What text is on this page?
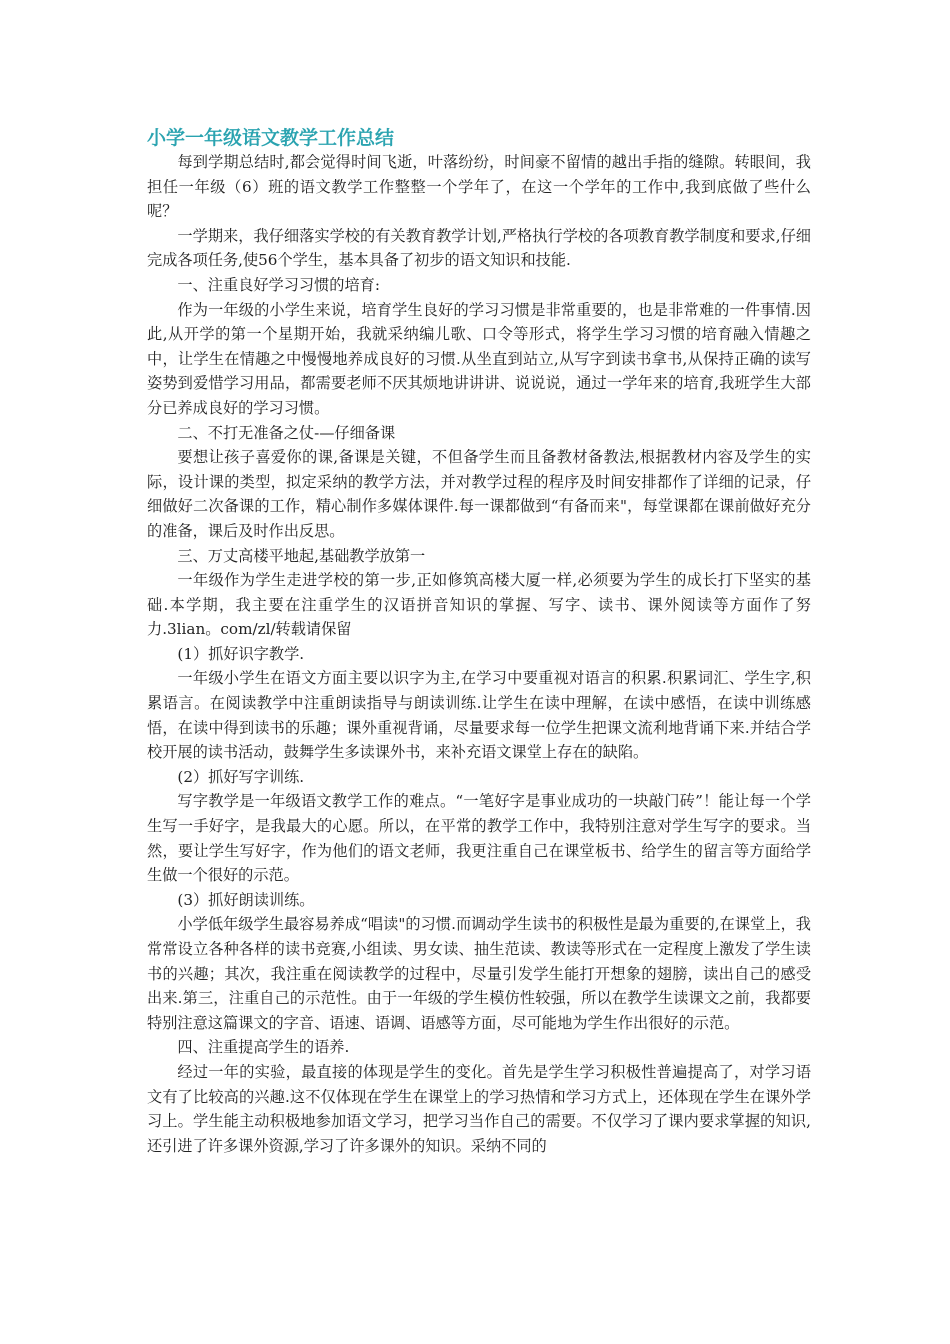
小学一年级语文教学工作总结

每到学期总结时,都会觉得时间飞逝，叶落纷纷，时间豪不留情的越出手指的缝隙。转眼间，我担任一年级（6）班的语文教学工作整整一个学年了，在这一个学年的工作中,我到底做了些什么呢？

一学期来，我仔细落实学校的有关教育教学计划,严格执行学校的各项教育教学制度和要求,仔细完成各项任务,使56个学生，基本具备了初步的语文知识和技能.

一、注重良好学习习惯的培育:

作为一年级的小学生来说，培育学生良好的学习习惯是非常重要的，也是非常难的一件事情.因此,从开学的第一个星期开始，我就采纳编儿歌、口令等形式，将学生学习习惯的培育融入情趣之中，让学生在情趣之中慢慢地养成良好的习惯.从坐直到站立,从写字到读书拿书,从保持正确的读写姿势到爱惜学习用品，都需要老师不厌其烦地讲讲讲、说说说，通过一学年来的培育,我班学生大部分已养成良好的学习习惯。

二、不打无准备之仗-—仔细备课

要想让孩子喜爱你的课,备课是关键，不但备学生而且备教材备教法,根据教材内容及学生的实际，设计课的类型，拟定采纳的教学方法，并对教学过程的程序及时间安排都作了详细的记录，仔细做好二次备课的工作，精心制作多媒体课件.每一课都做到“有备而来"，每堂课都在课前做好充分的准备，课后及时作出反思。

三、万丈高楼平地起,基础教学放第一

一年级作为学生走进学校的第一步,正如修筑高楼大厦一样,必须要为学生的成长打下坚实的基础.本学期，我主要在注重学生的汉语拼音知识的掌握、写字、读书、课外阅读等方面作了努力.3lian。com/zl/转载请保留

(1）抓好识字教学.

一年级小学生在语文方面主要以识字为主,在学习中要重视对语言的积累.积累词汇、学生字,积累语言。在阅读教学中注重朗读指导与朗读训练.让学生在读中理解，在读中感悟，在读中训练感悟，在读中得到读书的乐趣；课外重视背诵，尽量要求每一位学生把课文流利地背诵下来.并结合学校开展的读书活动，鼓舞学生多读课外书，来补充语文课堂上存在的缺陷。

(2）抓好写字训练.

写字教学是一年级语文教学工作的难点。“一笔好字是事业成功的一块敲门砖”！能让每一个学生写一手好字，是我最大的心愿。所以，在平常的教学工作中，我特别注意对学生写字的要求。当然，要让学生写好字，作为他们的语文老师，我更注重自己在课堂板书、给学生的留言等方面给学生做一个很好的示范。

(3）抓好朗读训练。

小学低年级学生最容易养成“唱读"的习惯.而调动学生读书的积极性是最为重要的,在课堂上，我常常设立各种各样的读书竞赛,小组读、男女读、抽生范读、教读等形式在一定程度上激发了学生读书的兴趣；其次，我注重在阅读教学的过程中，尽量引发学生能打开想象的翅膀，读出自己的感受出来.第三，注重自己的示范性。由于一年级的学生模仿性较强，所以在教学生读课文之前，我都要特别注意这篇课文的字音、语速、语调、语感等方面，尽可能地为学生作出很好的示范。

四、注重提高学生的语养.

经过一年的实验，最直接的体现是学生的变化。首先是学生学习积极性普遍提高了，对学习语文有了比较高的兴趣.这不仅体现在学生在课堂上的学习热情和学习方式上，还体现在学生在课外学习上。学生能主动积极地参加语文学习，把学习当作自己的需要。不仅学习了课内要求掌握的知识,还引进了许多课外资源,学习了许多课外的知识。采纳不同的
